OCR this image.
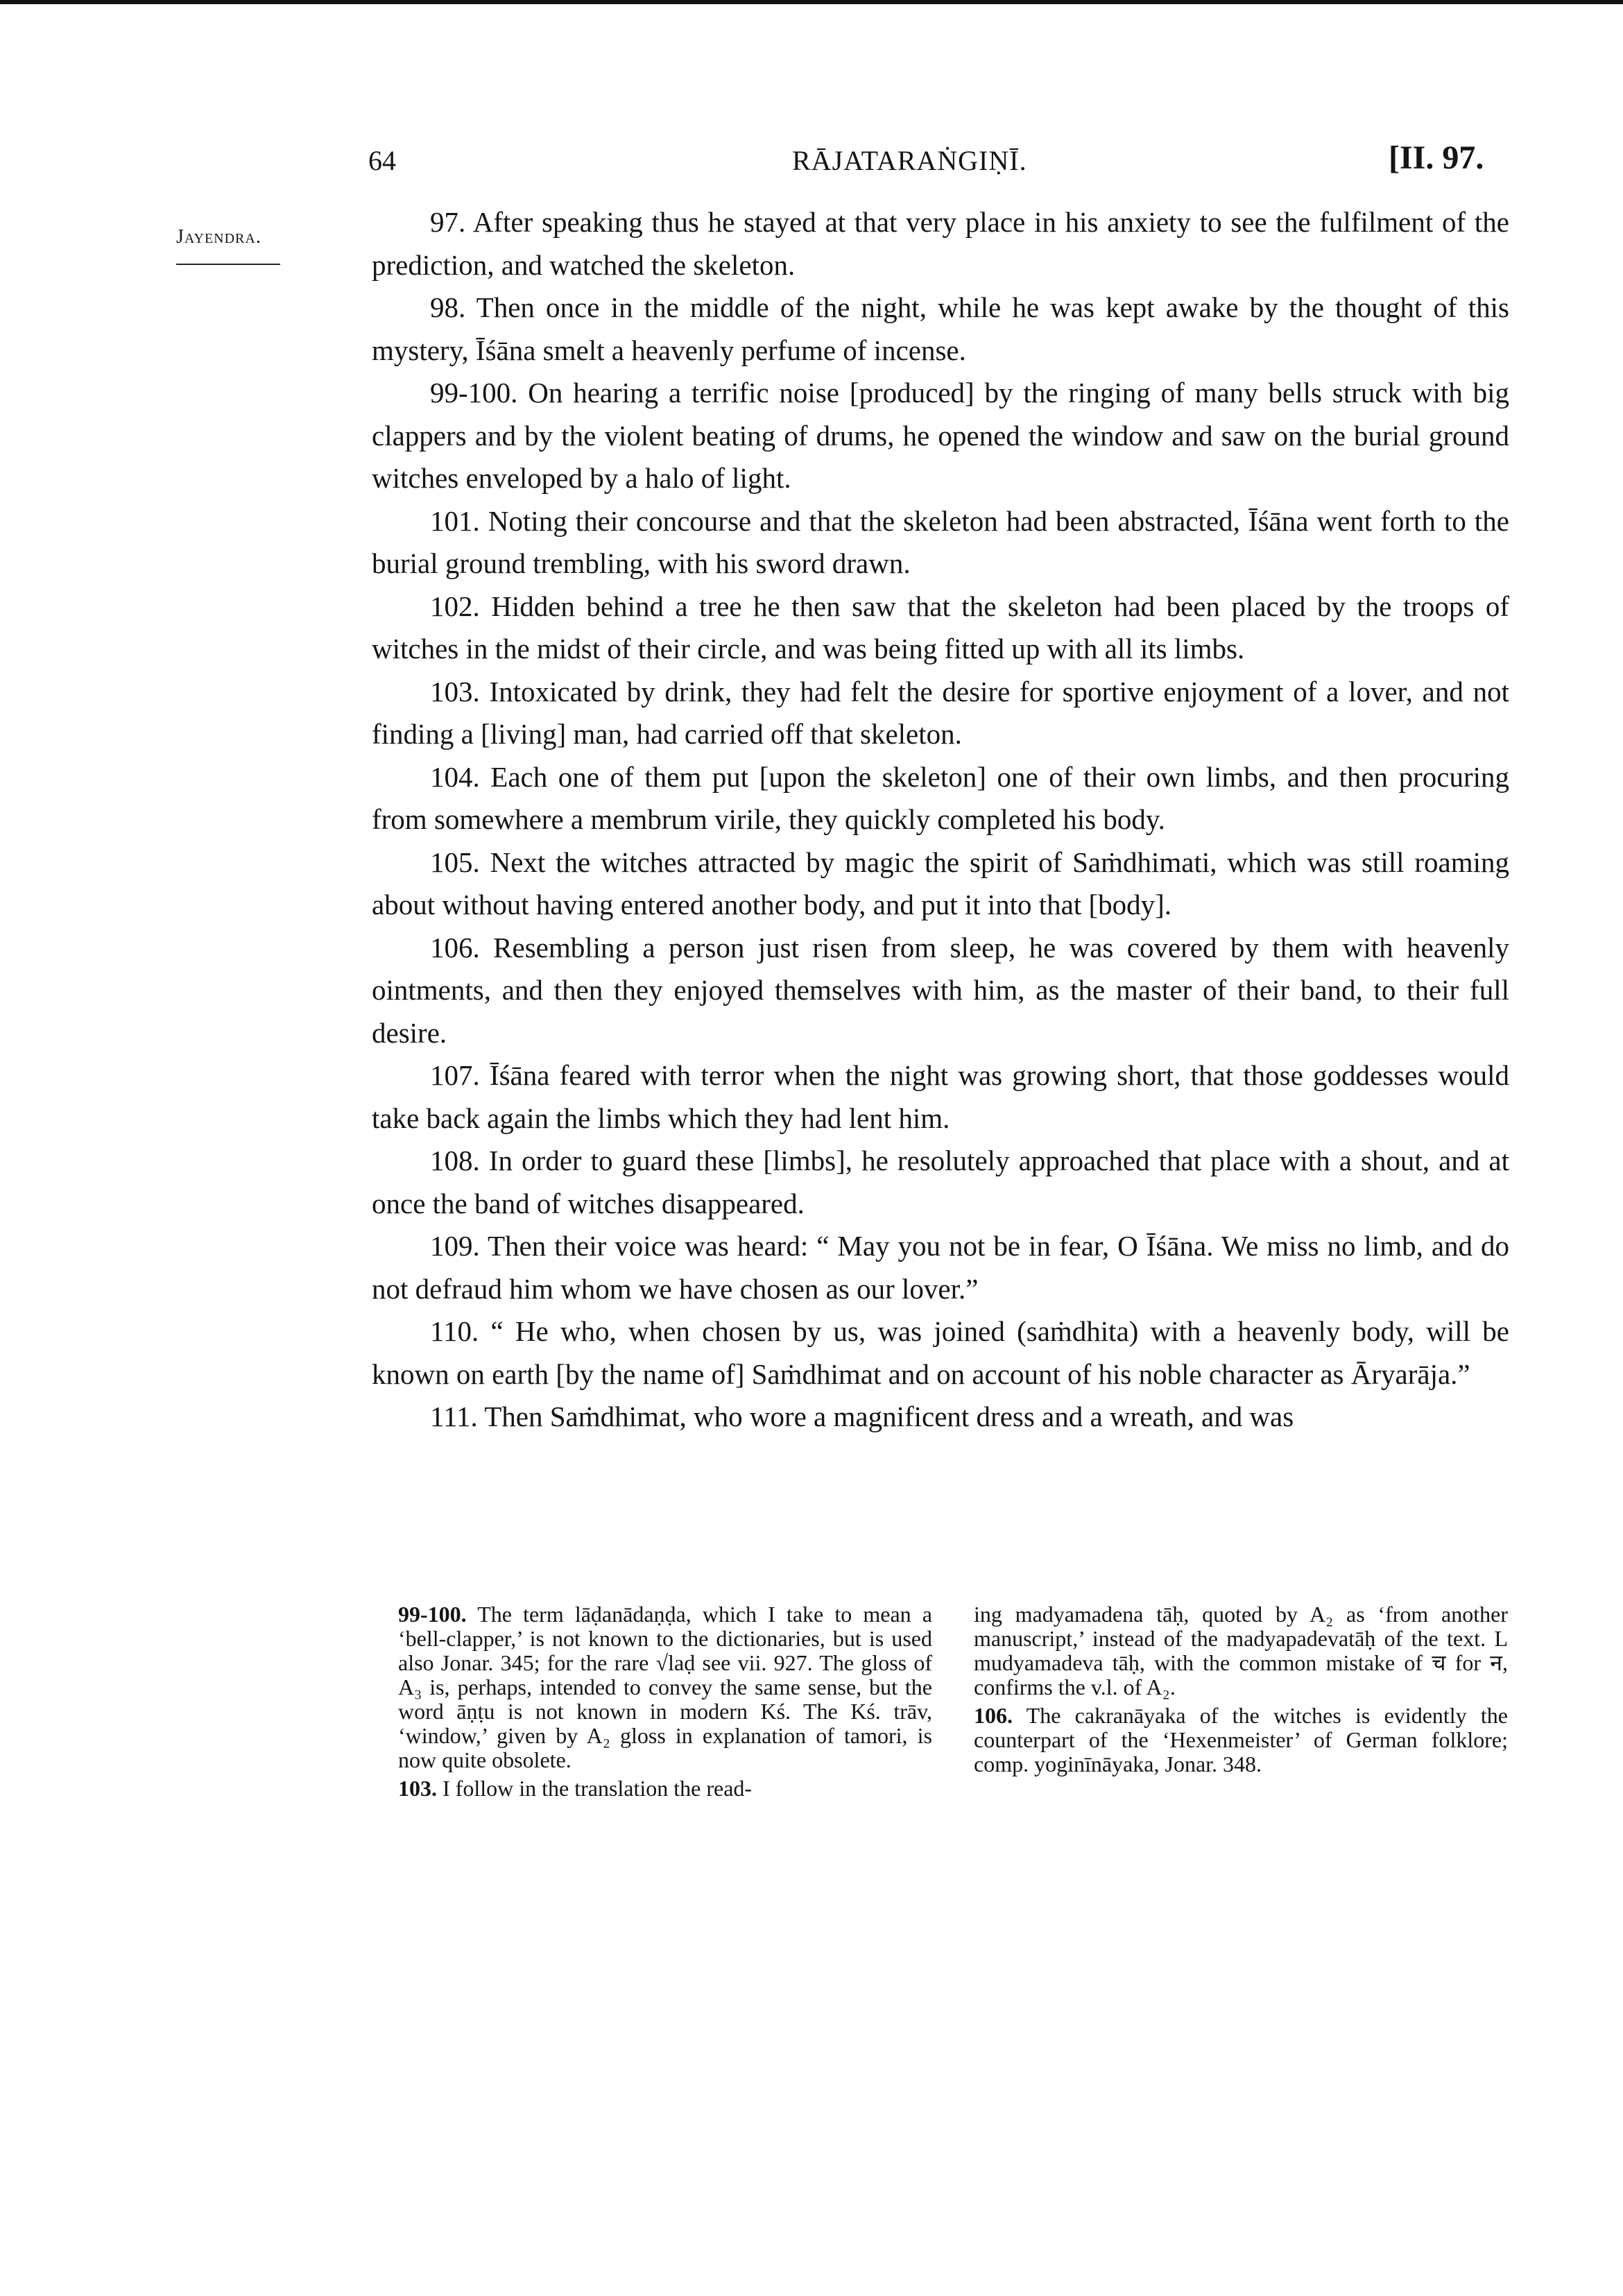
64	RĀJATARAṄGIṆĪ.	[II. 97.
Jayendra.	97. After speaking thus he stayed at that very place in his anxiety to see the fulfilment of the prediction, and watched the skeleton.

98. Then once in the middle of the night, while he was kept awake by the thought of this mystery, Īśāna smelt a heavenly perfume of incense.

99-100. On hearing a terrific noise [produced] by the ringing of many bells struck with big clappers and by the violent beating of drums, he opened the window and saw on the burial ground witches enveloped by a halo of light.

101. Noting their concourse and that the skeleton had been abstracted, Īśāna went forth to the burial ground trembling, with his sword drawn.

102. Hidden behind a tree he then saw that the skeleton had been placed by the troops of witches in the midst of their circle, and was being fitted up with all its limbs.

103. Intoxicated by drink, they had felt the desire for sportive enjoyment of a lover, and not finding a [living] man, had carried off that skeleton.

104. Each one of them put [upon the skeleton] one of their own limbs, and then procuring from somewhere a membrum virile, they quickly completed his body.

105. Next the witches attracted by magic the spirit of Saṁdhimati, which was still roaming about without having entered another body, and put it into that [body].

106. Resembling a person just risen from sleep, he was covered by them with heavenly ointments, and then they enjoyed themselves with him, as the master of their band, to their full desire.

107. Īśāna feared with terror when the night was growing short, that those goddesses would take back again the limbs which they had lent him.

108. In order to guard these [limbs], he resolutely approached that place with a shout, and at once the band of witches disappeared.

109. Then their voice was heard: “ May you not be in fear, O Īśāna. We miss no limb, and do not defraud him whom we have chosen as our lover.”

110. “ He who, when chosen by us, was joined (saṁdhita) with a heavenly body, will be known on earth [by the name of] Saṁdhimat and on account of his noble character as Āryarāja.”

111. Then Saṁdhimat, who wore a magnificent dress and a wreath, and was

99-100. The term lāḍanādaṇḍa, which I take to mean a ‘bell-clapper,’ is not known to the dictionaries, but is used also Jonar. 345; for the rare √laḍ see vii. 927. The gloss of A₃ is, perhaps, intended to convey the same sense, but the word āṇṭu is not known in modern Kś. The Kś. trāv, ‘window,’ given by A₂ gloss in explanation of tamori, is now quite obsolete.

103. I follow in the translation the read-

ing madyamadena tāḥ, quoted by A₂ as ‘from another manuscript,’ instead of the madyapadevatāḥ of the text. L mudyamadeva tāḥ, with the common mistake of च for न, confirms the v.l. of A₂.

106. The cakranāyaka of the witches is evidently the counterpart of the ‘Hexenmeister’ of German folklore; comp. yoginīnāyaka, Jonar. 348.
